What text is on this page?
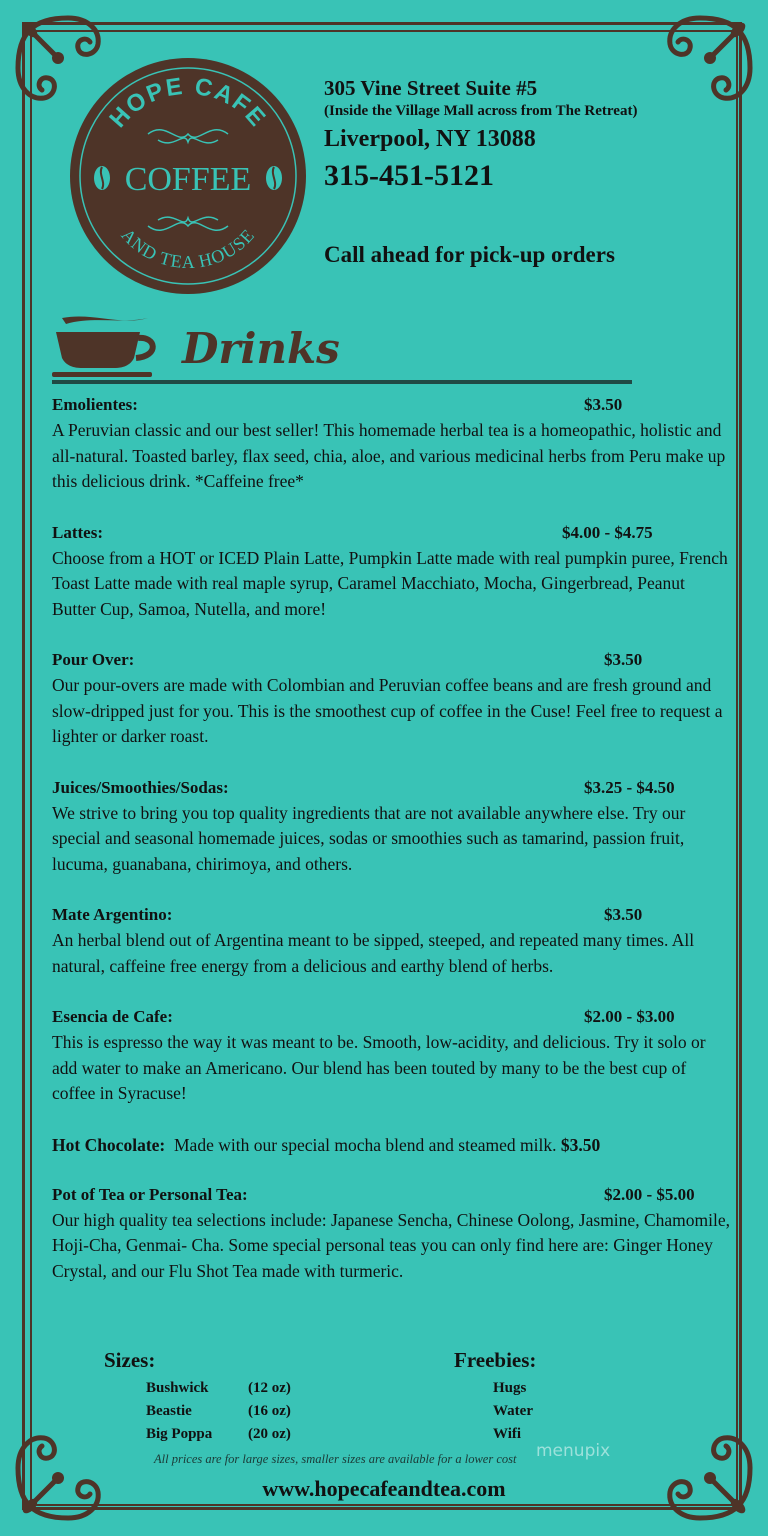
HOPE CAFE
AND TEA HOUSE
COFFEE
305 Vine Street Suite #5
(Inside the Village Mall across from The Retreat)
Liverpool, NY 13088
315-451-5121
Call ahead for pick-up orders
Drinks
Emolientes:	$3.50
A Peruvian classic and our best seller! This homemade herbal tea is a homeopathic, holistic and all-natural. Toasted barley, flax seed, chia, aloe, and various medicinal herbs from Peru make up this delicious drink. *Caffeine free*
Lattes:	$4.00 - $4.75
Choose from a HOT or ICED Plain Latte, Pumpkin Latte made with real pumpkin puree, French Toast Latte made with real maple syrup, Caramel Macchiato, Mocha, Gingerbread, Peanut Butter Cup, Samoa, Nutella, and more!
Pour Over:	$3.50
Our pour-overs are made with Colombian and Peruvian coffee beans and are fresh ground and slow-dripped just for you. This is the smoothest cup of coffee in the Cuse! Feel free to request a lighter or darker roast.
Juices/Smoothies/Sodas:	$3.25 - $4.50
We strive to bring you top quality ingredients that are not available anywhere else. Try our special and seasonal homemade juices, sodas or smoothies such as tamarind, passion fruit, lucuma, guanabana, chirimoya, and others.
Mate Argentino:	$3.50
An herbal blend out of Argentina meant to be sipped, steeped, and repeated many times. All natural, caffeine free energy from a delicious and earthy blend of herbs.
Esencia de Cafe:	$2.00 - $3.00
This is espresso the way it was meant to be. Smooth, low-acidity, and delicious. Try it solo or add water to make an Americano. Our blend has been touted by many to be the best cup of coffee in Syracuse!
Hot Chocolate: Made with our special mocha blend and steamed milk. $3.50
Pot of Tea or Personal Tea:	$2.00 - $5.00
Our high quality tea selections include: Japanese Sencha, Chinese Oolong, Jasmine, Chamomile, Hoji-Cha, Genmai- Cha. Some special personal teas you can only find here are: Ginger Honey Crystal, and our Flu Shot Tea made with turmeric.
Sizes:	Freebies:
Bushwick	(12 oz)
Beastie	(16 oz)
Big Poppa (20 oz)
Hugs
Water
Wifi
menupix
All prices are for large sizes, smaller sizes are available for a lower cost
www.hopecafeandtea.com
